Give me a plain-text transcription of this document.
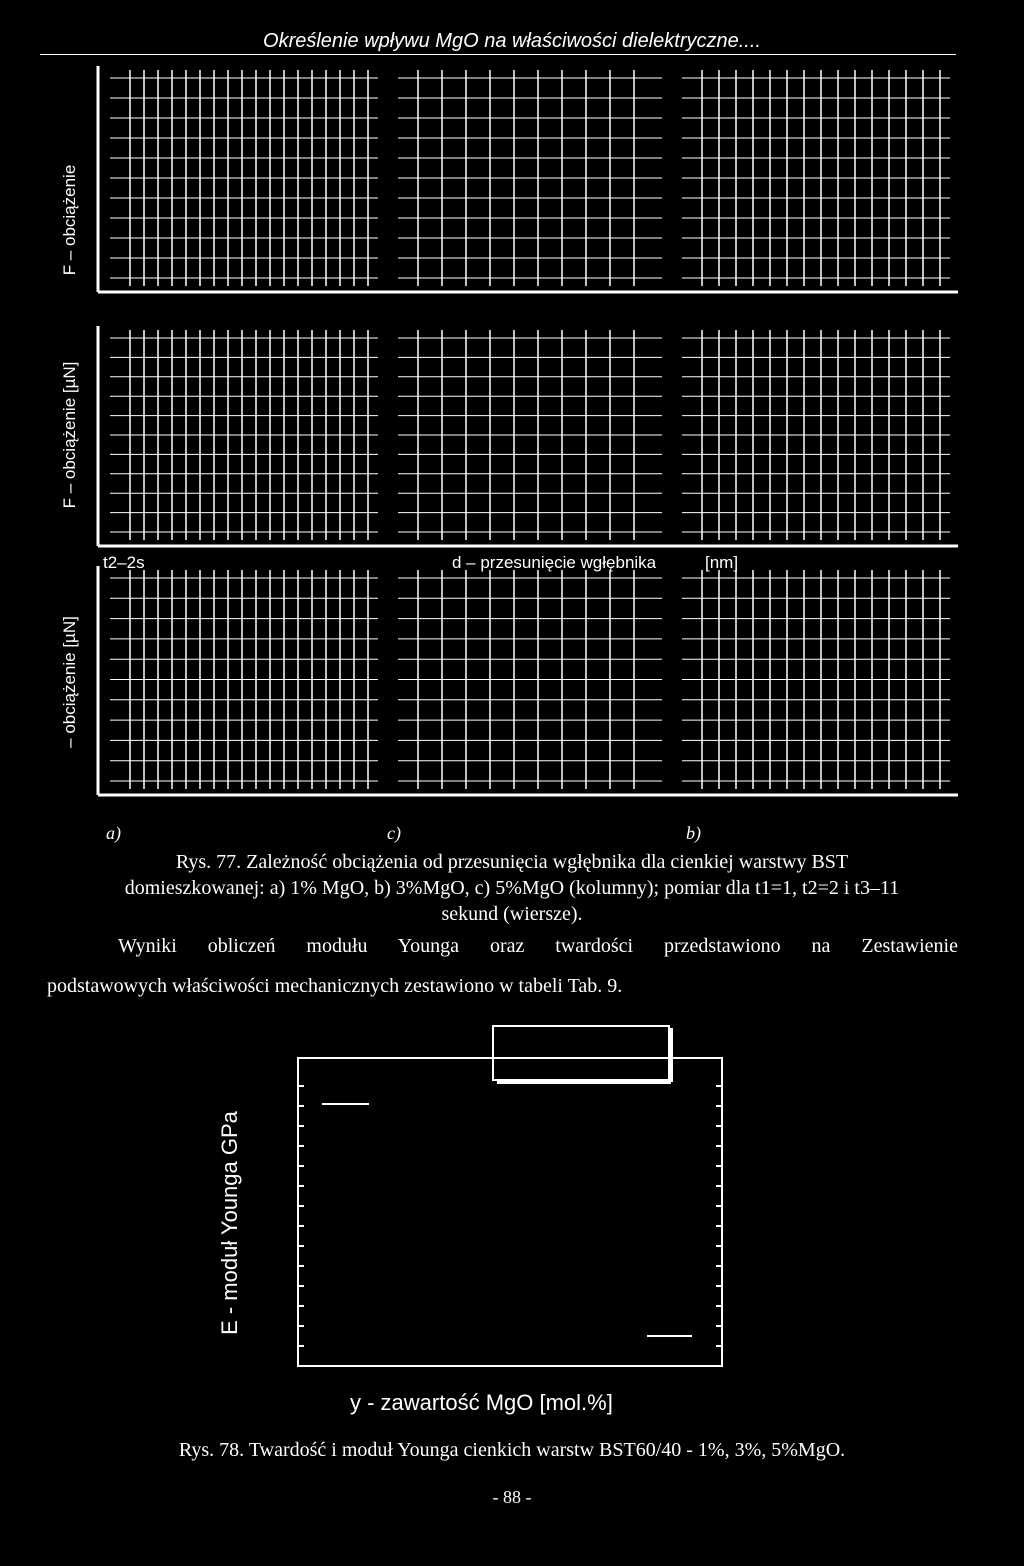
Określenie wpływu MgO na właściwości dielektryczne....
F – obciążenie
F – obciążenie [µN]
– obciążenie [µN]
t2–2s	d – przesunięcie wgłębnika	[nm]
a)	c)	b)
Rys. 77. Zależność obciążenia od przesunięcia wgłębnika dla cienkiej warstwy BST
domieszkowanej: a) 1% MgO, b) 3%MgO, c) 5%MgO (kolumny); pomiar dla t1=1, t2=2 i t3–11
sekund (wiersze).
Wyniki obliczeń modułu Younga oraz twardości przedstawiono na Zestawienie
podstawowych właściwości mechanicznych zestawiono w tabeli Tab. 9.
E - moduł Younga GPa
y - zawartość MgO [mol.%]
Rys. 78. Twardość i moduł Younga cienkich warstw BST60/40 - 1%, 3%, 5%MgO.
- 88 -
